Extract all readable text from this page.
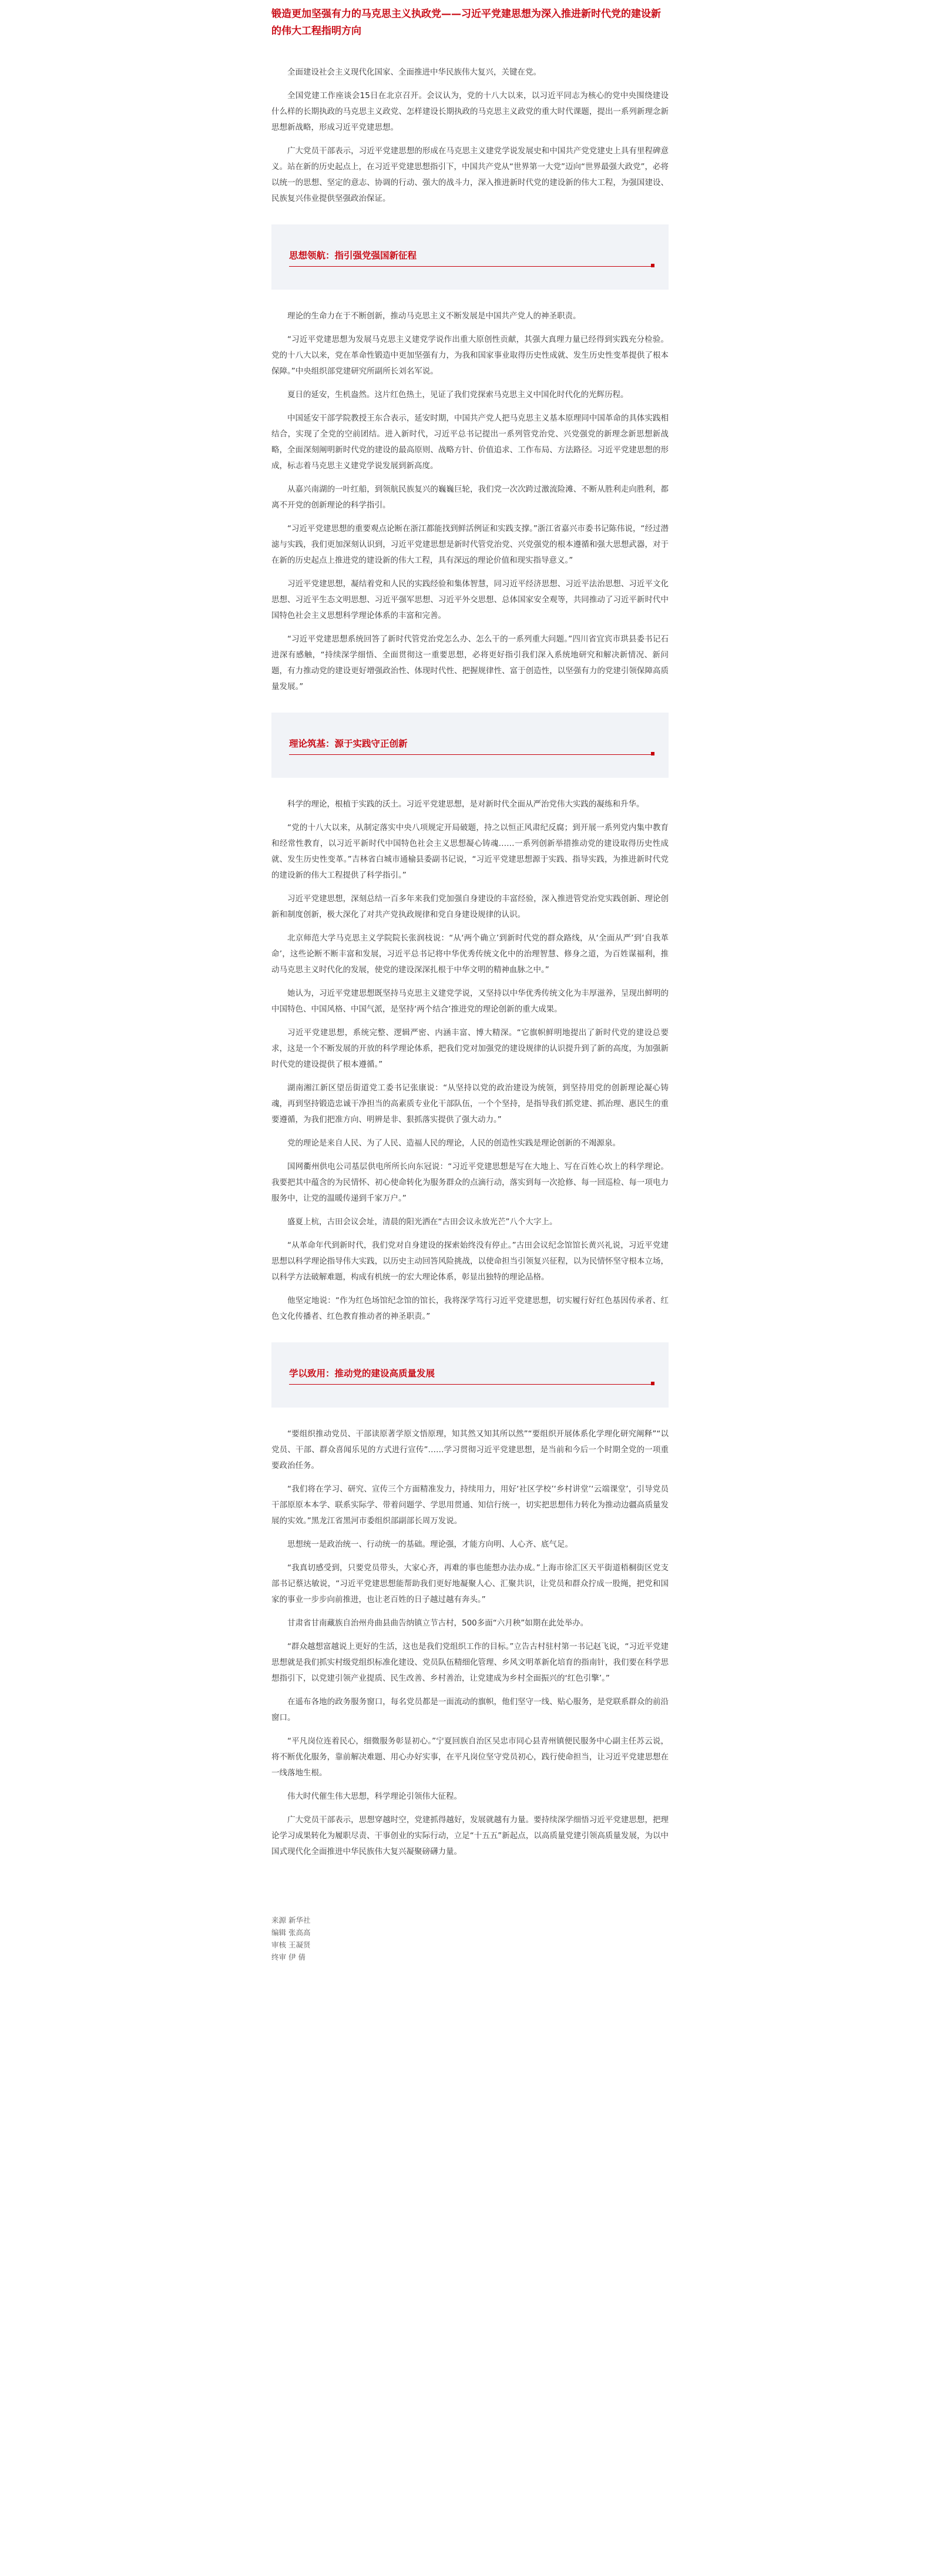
锻造更加坚强有力的马克思主义执政党——习近平党建思想为深入推进新时代党的建设新的伟大工程指明方向

全面建设社会主义现代化国家、全面推进中华民族伟大复兴，关键在党。

全国党建工作座谈会15日在北京召开。会议认为，党的十八大以来，以习近平同志为核心的党中央围绕建设什么样的长期执政的马克思主义政党、怎样建设长期执政的马克思主义政党的重大时代课题，提出一系列新理念新思想新战略，形成习近平党建思想。

广大党员干部表示，习近平党建思想的形成在马克思主义建党学说发展史和中国共产党党建史上具有里程碑意义。站在新的历史起点上，在习近平党建思想指引下，中国共产党从“世界第一大党”迈向“世界最强大政党”，必将以统一的思想、坚定的意志、协调的行动、强大的战斗力，深入推进新时代党的建设新的伟大工程，为强国建设、民族复兴伟业提供坚强政治保证。

思想领航：指引强党强国新征程

理论的生命力在于不断创新，推动马克思主义不断发展是中国共产党人的神圣职责。

“习近平党建思想为发展马克思主义建党学说作出重大原创性贡献，其强大真理力量已经得到实践充分检验。党的十八大以来，党在革命性锻造中更加坚强有力，为我和国家事业取得历史性成就、发生历史性变革提供了根本保障。”中央组织部党建研究所副所长刘名军说。

夏日的延安，生机盎然。这片红色热土，见证了我们党探索马克思主义中国化时代化的光辉历程。

中国延安干部学院教授王东合表示，延安时期，中国共产党人把马克思主义基本原理同中国革命的具体实践相结合，实现了全党的空前团结。进入新时代，习近平总书记提出一系列管党治党、兴党强党的新理念新思想新战略，全面深刻阐明新时代党的建设的最高原则、战略方针、价值追求、工作布局、方法路径。习近平党建思想的形成，标志着马克思主义建党学说发展到新高度。

从嘉兴南湖的一叶红船，到领航民族复兴的巍巍巨轮，我们党一次次跨过激流险滩、不断从胜利走向胜利，都离不开党的创新理论的科学指引。

“习近平党建思想的重要观点论断在浙江都能找到鲜活例证和实践支撑。”浙江省嘉兴市委书记陈伟说，“经过潜滤与实践，我们更加深刻认识到，习近平党建思想是新时代管党治党、兴党强党的根本遵循和强大思想武器，对于在新的历史起点上推进党的建设新的伟大工程，具有深远的理论价值和现实指导意义。”

习近平党建思想，凝结着党和人民的实践经验和集体智慧，同习近平经济思想、习近平法治思想、习近平文化思想、习近平生态文明思想、习近平强军思想、习近平外交思想、总体国家安全观等，共同推动了习近平新时代中国特色社会主义思想科学理论体系的丰富和完善。

“习近平党建思想系统回答了新时代管党治党怎么办、怎么干的一系列重大问题。”四川省宜宾市珙县委书记石进深有感触，“持续深学细悟、全面贯彻这一重要思想，必将更好指引我们深入系统地研究和解决新情况、新问题，有力推动党的建设更好增强政治性、体现时代性、把握规律性、富于创造性，以坚强有力的党建引领保障高质量发展。”

理论筑基：源于实践守正创新

科学的理论，根植于实践的沃土。习近平党建思想，是对新时代全面从严治党伟大实践的凝练和升华。

“党的十八大以来，从制定落实中央八项规定开局破题，持之以恒正风肃纪反腐；到开展一系列党内集中教育和经常性教育，以习近平新时代中国特色社会主义思想凝心铸魂……一系列创新举措推动党的建设取得历史性成就、发生历史性变革。”吉林省白城市通榆县委副书记说，“习近平党建思想源于实践、指导实践，为推进新时代党的建设新的伟大工程提供了科学指引。”

习近平党建思想，深刻总结一百多年来我们党加强自身建设的丰富经验，深入推进管党治党实践创新、理论创新和制度创新，极大深化了对共产党执政规律和党自身建设规律的认识。

北京师范大学马克思主义学院院长张润枝说：“从‘两个确立’到新时代党的群众路线，从‘全面从严’到‘自我革命’，这些论断不断丰富和发展，习近平总书记将中华优秀传统文化中的治理智慧、修身之道，为百姓谋福利，推动马克思主义时代化的发展，使党的建设深深扎根于中华文明的精神血脉之中。”

她认为，习近平党建思想既坚持马克思主义建党学说，又坚持以中华优秀传统文化为丰厚滋养，呈现出鲜明的中国特色、中国风格、中国气派，是坚持‘两个结合’推进党的理论创新的重大成果。

习近平党建思想，系统完整、逻辑严密、内涵丰富、博大精深。“它旗帜鲜明地提出了新时代党的建设总要求，这是一个不断发展的开放的科学理论体系，把我们党对加强党的建设规律的认识提升到了新的高度，为加强新时代党的建设提供了根本遵循。”

湖南湘江新区望岳街道党工委书记张康说：“从坚持以党的政治建设为统领，到坚持用党的创新理论凝心铸魂，再到坚持锻造忠诚干净担当的高素质专业化干部队伍，一个个坚持，是指导我们抓党建、抓治理、惠民生的重要遵循，为我们把准方向、明辨是非、狠抓落实提供了强大动力。”

党的理论是来自人民、为了人民、造福人民的理论，人民的创造性实践是理论创新的不竭源泉。

国网衢州供电公司基层供电所所长向东冠说：“习近平党建思想是写在大地上、写在百姓心坎上的科学理论。我要把其中蕴含的为民情怀、初心使命转化为服务群众的点滴行动，落实到每一次抢修、每一回巡检、每一项电力服务中，让党的温暖传递到千家万户。”

盛夏上杭，古田会议会址，清晨的阳光洒在“古田会议永放光芒”八个大字上。

“从革命年代到新时代，我们党对自身建设的探索始终没有停止。”古田会议纪念馆馆长黄兴礼说，习近平党建思想以科学理论指导伟大实践，以历史主动回答风险挑战，以使命担当引领复兴征程，以为民情怀坚守根本立场，以科学方法破解难题，构成有机统一的宏大理论体系，彰显出独特的理论品格。

他坚定地说：“作为红色场馆纪念馆的馆长，我将深学笃行习近平党建思想，切实履行好红色基因传承者、红色文化传播者、红色教育推动者的神圣职责。”

学以致用：推动党的建设高质量发展

“要组织推动党员、干部读原著学原文悟原理，知其然又知其所以然”“要组织开展体系化学理化研究阐释”“以党员、干部、群众喜闻乐见的方式进行宣传”……学习贯彻习近平党建思想，是当前和今后一个时期全党的一项重要政治任务。

“我们将在学习、研究、宣传三个方面精准发力，持续用力，用好‘社区学校’‘乡村讲堂’‘云端课堂’，引导党员干部原原本本学、联系实际学、带着问题学、学思用贯通、知信行统一，切实把思想伟力转化为推动边疆高质量发展的实效。”黑龙江省黑河市委组织部副部长周万发说。

思想统一是政治统一、行动统一的基础。理论强，才能方向明、人心齐、底气足。

“我真切感受到，只要党员带头，大家心齐，再难的事也能想办法办成。”上海市徐汇区天平街道梧桐街区党支部书记蔡达敏说，“习近平党建思想能帮助我们更好地凝聚人心、汇聚共识，让党员和群众拧成一股绳，把党和国家的事业一步步向前推进，也让老百姓的日子越过越有奔头。”

甘肃省甘南藏族自治州舟曲县曲告纳镇立节古村，500多面“六月秧”如期在此处举办。

“群众越想富越说上更好的生活，这也是我们党组织工作的目标。”立告古村驻村第一书记赵飞说，“习近平党建思想就是我们抓实村级党组织标准化建设、党员队伍精细化管理、乡风文明革新化培育的指南针，我们要在科学思想指引下，以党建引领产业提质、民生改善、乡村善治，让党建成为乡村全面振兴的‘红色引擎’。”

在遥布各地的政务服务窗口，每名党员都是一面流动的旗帜，他们坚守一线、贴心服务，是党联系群众的前沿窗口。

“平凡岗位连着民心，细微服务彰显初心。”宁夏回族自治区吴忠市同心县青州镇便民服务中心副主任苏云说，将不断优化服务，靠前解决难题、用心办好实事，在平凡岗位坚守党员初心，践行使命担当，让习近平党建思想在一线落地生根。

伟大时代催生伟大思想，科学理论引领伟大征程。

广大党员干部表示，思想穿越时空，党建抓得越好，发展就越有力量。要持续深学细悟习近平党建思想，把理论学习成果转化为履职尽责、干事创业的实际行动，立足“十五五”新起点，以高质量党建引领高质量发展，为以中国式现代化全面推进中华民族伟大复兴凝聚磅礴力量。

来源 新华社
编辑 张高高
审核 王凝贤
终审 伊 倩
